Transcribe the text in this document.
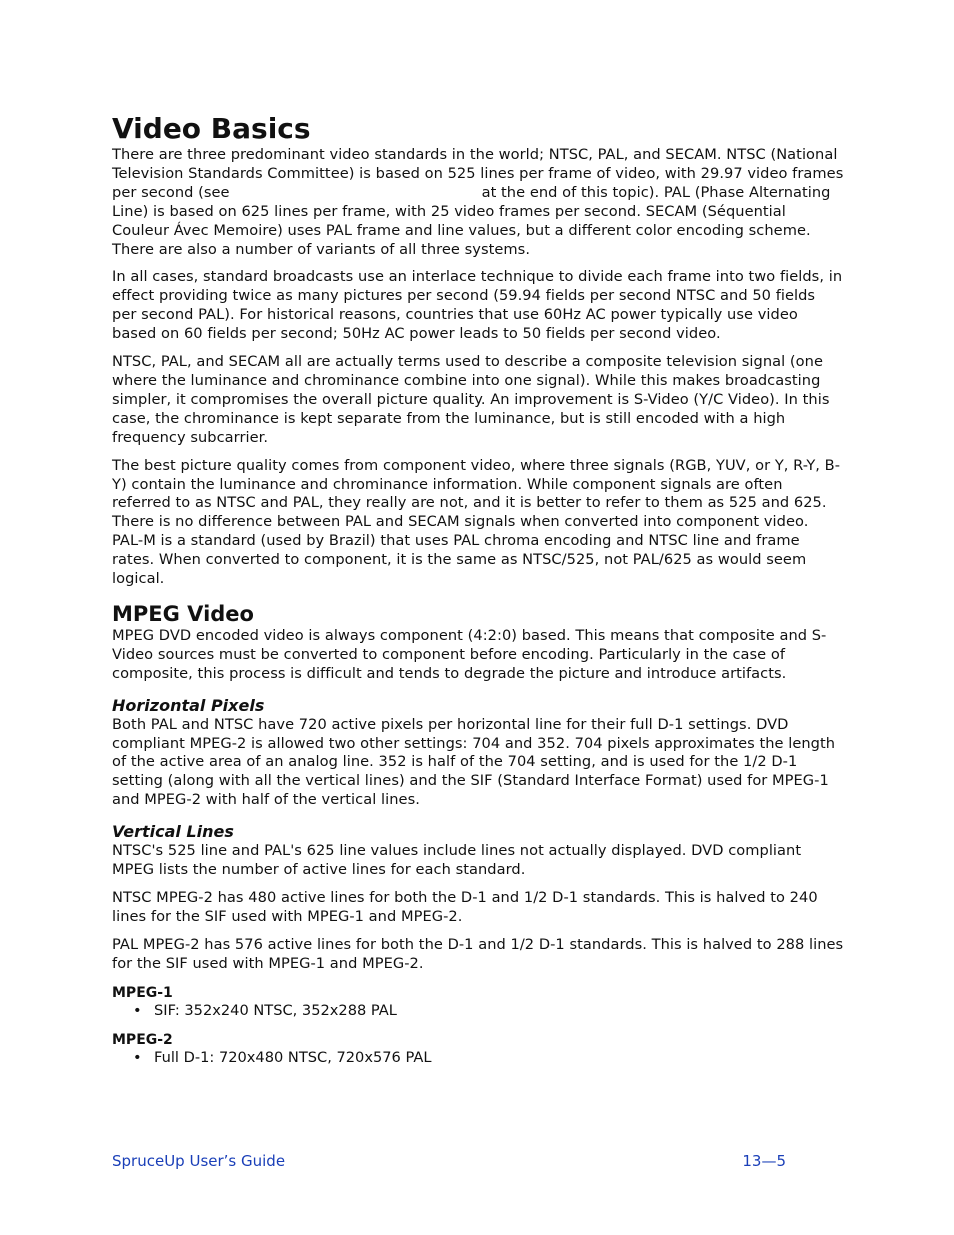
Video Basics

There are three predominant video standards in the world; NTSC, PAL, and SECAM. NTSC (National Television Standards Committee) is based on 525 lines per frame of video, with 29.97 video frames per second (see	at the end of this topic). PAL (Phase Alternating Line) is based on 625 lines per frame, with 25 video frames per second. SECAM (Séquential Couleur Ávec Memoire) uses PAL frame and line values, but a different color encoding scheme. There are also a number of variants of all three systems.

In all cases, standard broadcasts use an interlace technique to divide each frame into two fields, in effect providing twice as many pictures per second (59.94 fields per second NTSC and 50 fields per second PAL). For historical reasons, countries that use 60Hz AC power typically use video based on 60 fields per second; 50Hz AC power leads to 50 fields per second video.

NTSC, PAL, and SECAM all are actually terms used to describe a composite television signal (one where the luminance and chrominance combine into one signal). While this makes broadcasting simpler, it compromises the overall picture quality. An improvement is S-Video (Y/C Video). In this case, the chrominance is kept separate from the luminance, but is still encoded with a high frequency subcarrier.

The best picture quality comes from component video, where three signals (RGB, YUV, or Y, R-Y, B-Y) contain the luminance and chrominance information. While component signals are often referred to as NTSC and PAL, they really are not, and it is better to refer to them as 525 and 625. There is no difference between PAL and SECAM signals when converted into component video. PAL-M is a standard (used by Brazil) that uses PAL chroma encoding and NTSC line and frame rates. When converted to component, it is the same as NTSC/525, not PAL/625 as would seem logical.

MPEG Video

MPEG DVD encoded video is always component (4:2:0) based. This means that composite and S-Video sources must be converted to component before encoding. Particularly in the case of composite, this process is difficult and tends to degrade the picture and introduce artifacts.

Horizontal Pixels

Both PAL and NTSC have 720 active pixels per horizontal line for their full D-1 settings. DVD compliant MPEG-2 is allowed two other settings: 704 and 352. 704 pixels approximates the length of the active area of an analog line. 352 is half of the 704 setting, and is used for the 1/2 D-1 setting (along with all the vertical lines) and the SIF (Standard Interface Format) used for MPEG-1 and MPEG-2 with half of the vertical lines.

Vertical Lines

NTSC's 525 line and PAL's 625 line values include lines not actually displayed. DVD compliant MPEG lists the number of active lines for each standard.

NTSC MPEG-2 has 480 active lines for both the D-1 and 1/2 D-1 standards. This is halved to 240 lines for the SIF used with MPEG-1 and MPEG-2.

PAL MPEG-2 has 576 active lines for both the D-1 and 1/2 D-1 standards. This is halved to 288 lines for the SIF used with MPEG-1 and MPEG-2.

MPEG-1
• SIF: 352x240 NTSC, 352x288 PAL
MPEG-2
• Full D-1: 720x480 NTSC, 720x576 PAL
SpruceUp User’s Guide	13—5
